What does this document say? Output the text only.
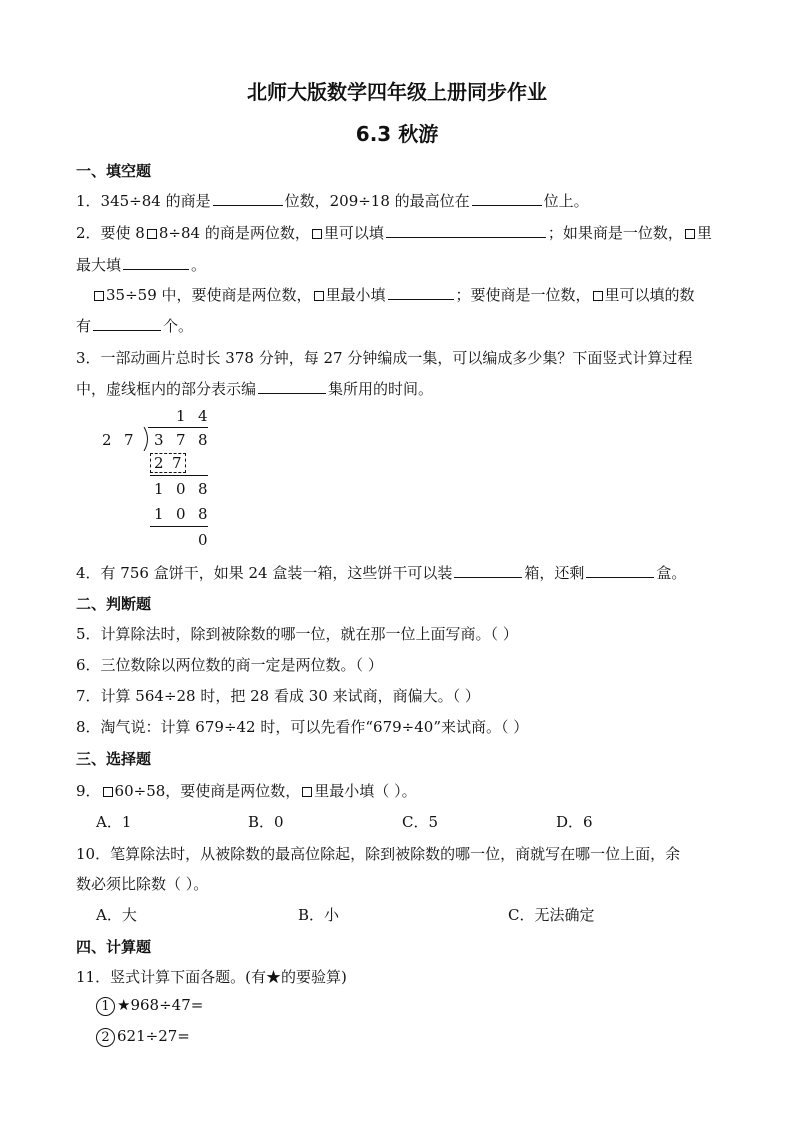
北师大版数学四年级上册同步作业
6.3 秋游
一、填空题
1．345÷84 的商是	位数，209÷18 的最高位在	位上。
2．要使 8 8÷84 的商是两位数， 里可以填	；如果商是一位数， 里
最大填	。
35÷59 中，要使商是两位数， 里最小填	；要使商是一位数， 里可以填的数
有	个。
3．一部动画片总时长 378 分钟，每 27 分钟编成一集，可以编成多少集？下面竖式计算过程
中，虚线框内的部分表示编	集所用的时间。
1 4
2 7 3 7 8
2 7
1 0 8
1 0 8
0
4．有 756 盒饼干，如果 24 盒装一箱，这些饼干可以装	箱，还剩	盒。
二、判断题
5．计算除法时，除到被除数的哪一位，就在那一位上面写商。（ ）
6．三位数除以两位数的商一定是两位数。（ ）
7．计算 564÷28 时，把 28 看成 30 来试商，商偏大。（ ）
8．淘气说：计算 679÷42 时，可以先看作“679÷40”来试商。（ ）
三、选择题
9． 60÷58，要使商是两位数， 里最小填（ ）。
A．1	B．0	C．5	D．6
10．笔算除法时，从被除数的最高位除起，除到被除数的哪一位，商就写在哪一位上面，余
数必须比除数（ ）。
A．大	B．小	C．无法确定
四、计算题
11．竖式计算下面各题。(有★的要验算)
1 ★968÷47=
2 621÷27=
